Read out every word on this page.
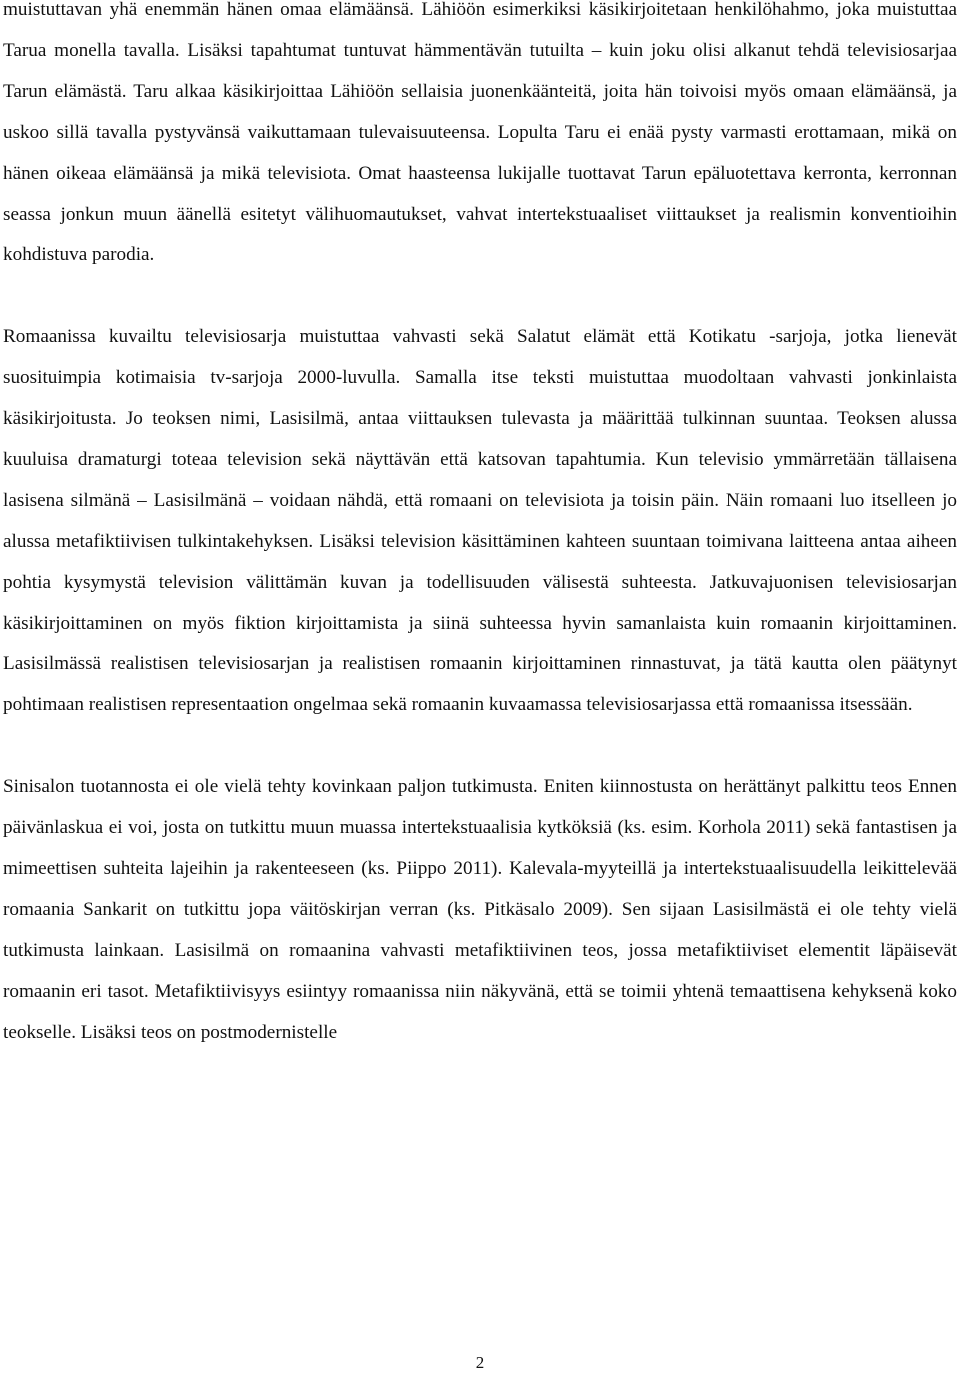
muistuttavan yhä enemmän hänen omaa elämäänsä. Lähiöön esimerkiksi käsikirjoitetaan henkilöhahmo, joka muistuttaa Tarua monella tavalla. Lisäksi tapahtumat tuntuvat hämmentävän tutuilta – kuin joku olisi alkanut tehdä televisiosarjaa Tarun elämästä. Taru alkaa käsikirjoittaa Lähiöön sellaisia juonenkäänteitä, joita hän toivoisi myös omaan elämäänsä, ja uskoo sillä tavalla pystyvänsä vaikuttamaan tulevaisuuteensa. Lopulta Taru ei enää pysty varmasti erottamaan, mikä on hänen oikeaa elämäänsä ja mikä televisiota. Omat haasteensa lukijalle tuottavat Tarun epäluotettava kerronta, kerronnan seassa jonkun muun äänellä esitetyt välihuomautukset, vahvat intertekstuaaliset viittaukset ja realismin konventioihin kohdistuva parodia.

Romaanissa kuvailtu televisiosarja muistuttaa vahvasti sekä Salatut elämät että Kotikatu -sarjoja, jotka lienevät suosituimpia kotimaisia tv-sarjoja 2000-luvulla. Samalla itse teksti muistuttaa muodoltaan vahvasti jonkinlaista käsikirjoitusta. Jo teoksen nimi, Lasisilmä, antaa viittauksen tulevasta ja määrittää tulkinnan suuntaa. Teoksen alussa kuuluisa dramaturgi toteaa television sekä näyttävän että katsovan tapahtumia. Kun televisio ymmärretään tällaisena lasisena silmänä – Lasisilmänä – voidaan nähdä, että romaani on televisiota ja toisin päin. Näin romaani luo itselleen jo alussa metafiktiivisen tulkintakehyksen. Lisäksi television käsittäminen kahteen suuntaan toimivana laitteena antaa aiheen pohtia kysymystä television välittämän kuvan ja todellisuuden välisestä suhteesta. Jatkuvajuonisen televisiosarjan käsikirjoittaminen on myös fiktion kirjoittamista ja siinä suhteessa hyvin samanlaista kuin romaanin kirjoittaminen. Lasisilmässä realistisen televisiosarjan ja realistisen romaanin kirjoittaminen rinnastuvat, ja tätä kautta olen päätynyt pohtimaan realistisen representaation ongelmaa sekä romaanin kuvaamassa televisiosarjassa että romaanissa itsessään.

Sinisalon tuotannosta ei ole vielä tehty kovinkaan paljon tutkimusta. Eniten kiinnostusta on herättänyt palkittu teos Ennen päivänlaskua ei voi, josta on tutkittu muun muassa intertekstuaalisia kytköksiä (ks. esim. Korhola 2011) sekä fantastisen ja mimeettisen suhteita lajeihin ja rakenteeseen (ks. Piippo 2011). Kalevala-myyteillä ja intertekstuaalisuudella leikittelevää romaania Sankarit on tutkittu jopa väitöskirjan verran (ks. Pitkäsalo 2009). Sen sijaan Lasisilmästä ei ole tehty vielä tutkimusta lainkaan. Lasisilmä on romaanina vahvasti metafiktiivinen teos, jossa metafiktiiviset elementit läpäisevät romaanin eri tasot. Metafiktiivisyys esiintyy romaanissa niin näkyvänä, että se toimii yhtenä temaattisena kehyksenä koko teokselle. Lisäksi teos on postmodernistelle

2
